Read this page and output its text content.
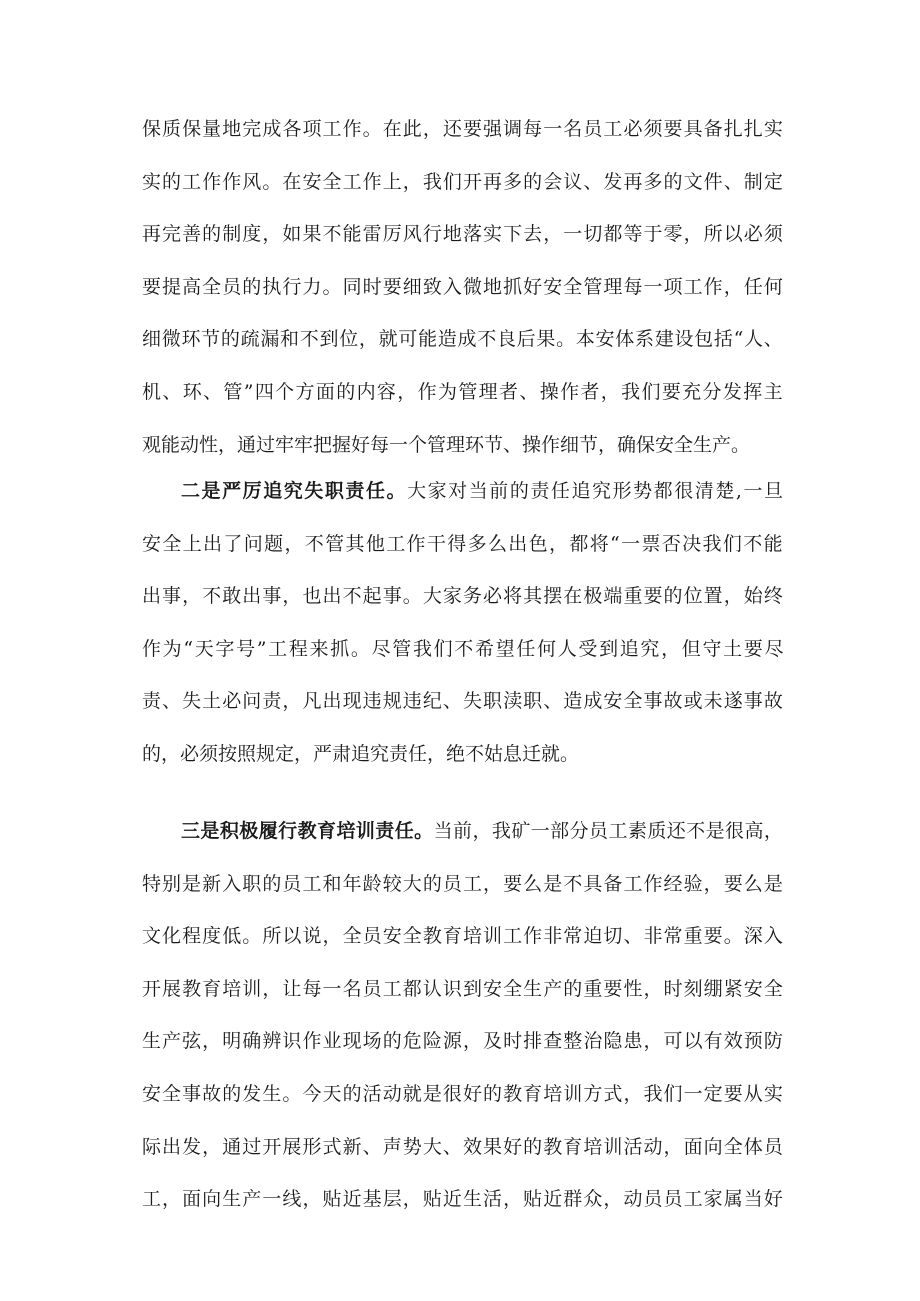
保质保量地完成各项工作。在此，还要强调每一名员工必须要具备扎扎实
实的工作作风。在安全工作上，我们开再多的会议、发再多的文件、制定
再完善的制度，如果不能雷厉风行地落实下去，一切都等于零，所以必须
要提高全员的执行力。同时要细致入微地抓好安全管理每一项工作，任何
细微环节的疏漏和不到位，就可能造成不良后果。本安体系建设包括“人、
机、环、管”四个方面的内容，作为管理者、操作者，我们要充分发挥主
观能动性，通过牢牢把握好每一个管理环节、操作细节，确保安全生产。
二是严厉追究失职责任。大家对当前的责任追究形势都很清楚,一旦
安全上出了问题，不管其他工作干得多么出色，都将“一票否决我们不能
出事，不敢出事，也出不起事。大家务必将其摆在极端重要的位置，始终
作为“天字号”工程来抓。尽管我们不希望任何人受到追究，但守土要尽
责、失土必问责，凡出现违规违纪、失职渎职、造成安全事故或未遂事故
的，必须按照规定，严肃追究责任，绝不姑息迁就。
三是积极履行教育培训责任。当前，我矿一部分员工素质还不是很高，
特别是新入职的员工和年龄较大的员工，要么是不具备工作经验，要么是
文化程度低。所以说，全员安全教育培训工作非常迫切、非常重要。深入
开展教育培训，让每一名员工都认识到安全生产的重要性，时刻绷紧安全
生产弦，明确辨识作业现场的危险源，及时排查整治隐患，可以有效预防
安全事故的发生。今天的活动就是很好的教育培训方式，我们一定要从实
际出发，通过开展形式新、声势大、效果好的教育培训活动，面向全体员
工，面向生产一线，贴近基层，贴近生活，贴近群众，动员员工家属当好
